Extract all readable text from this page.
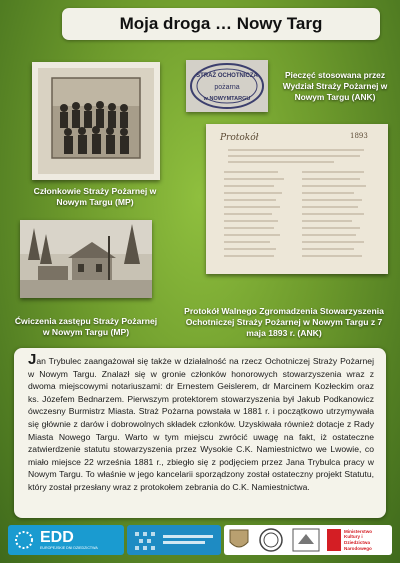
Moja droga … Nowy Targ
Członkowie Straży Pożarnej w Nowym Targu (MP)
STRAŻ OCHOTNICZA
pożarna
w NOWYMTARGU
Pieczęć stosowana przez Wydział Straży Pożarnej w Nowym Targu (ANK)
Ćwiczenia zastępu Straży Pożarnej w Nowym Targu (MP)
Protokół	1893
Protokół Walnego Zgromadzenia Stowarzyszenia Ochotniczej Straży Pożarnej w Nowym Targu z 7 maja 1893 r. (ANK)

Jan Trybulec zaangażował się także w działalność na rzecz Ochotniczej Straży Pożarnej w Nowym Targu. Znalazł się w gronie członków honorowych stowarzyszenia wraz z dwoma miejscowymi notariuszami: dr Ernestem Geislerem, dr Marcinem Kozłeckim oraz ks. Józefem Bednarzem. Pierwszym protektorem stowarzyszenia był Jakub Podkanowicz ówczesny Burmistrz Miasta. Straż Pożarna powstała w 1881 r. i początkowo utrzymywała się głównie z darów i dobrowolnych składek członków. Uzyskiwała również dotacje z Rady Miasta Nowego Targu. Warto w tym miejscu zwrócić uwagę na fakt, iż ostateczne zatwierdzenie statutu stowarzyszenia przez Wysokie C.K. Namiestnictwo we Lwowie, co miało miejsce 22 września 1881 r., zbiegło się z podjęciem przez Jana Trybulca pracy w Nowym Targu. To właśnie w jego kancelarii sporządzony został ostateczny projekt Statutu, który został przesłany wraz z protokołem zebrania do C.K. Namiestnictwa.

EDD
EUROPEJSKIE DNI DZIEDZICTWA
Ministerstwo Kultury i Dziedzictwa Narodowego
